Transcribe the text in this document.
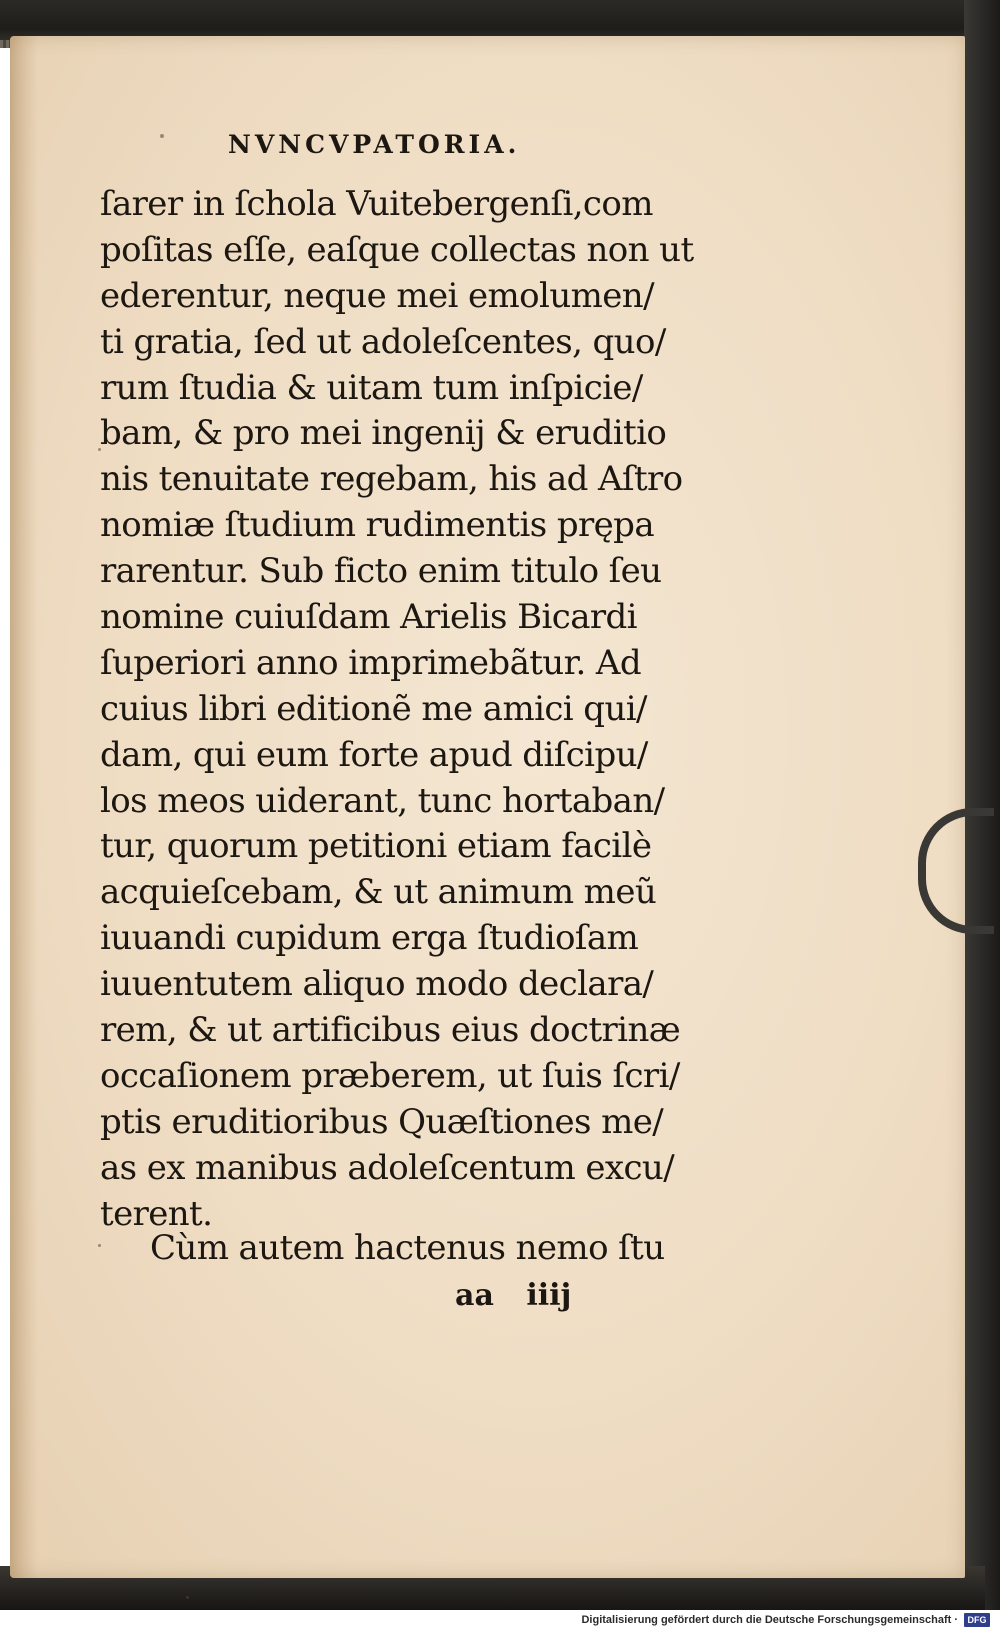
NVNCVPATORIA.
ſarer in ſchola Vuitebergenſi,com
poſitas eſſe, eaſque collectas non ut
ederentur, neque mei emolumen/
ti gratia, ſed ut adoleſcentes, quo/
rum ſtudia & uitam tum inſpicie/
bam, & pro mei ingenij & eruditio
nis tenuitate regebam, his ad Aſtro
nomiæ ſtudium rudimentis prępa
rarentur. Sub ficto enim titulo ſeu
nomine cuiuſdam Arielis Bicardi
ſuperiori anno imprimebãtur. Ad
cuius libri editionẽ me amici qui/
dam, qui eum forte apud diſcipu/
los meos uiderant, tunc hortaban/
tur, quorum petitioni etiam facilè
acquieſcebam, & ut animum meũ
iuuandi cupidum erga ſtudioſam
iuuentutem aliquo modo declara/
rem, & ut artificibus eius doctrinæ
occaſionem præberem, ut ſuis ſcri/
ptis eruditioribus Quæſtiones me/
as ex manibus adoleſcentum excu/
terent.
Cùm autem hactenus nemo ſtu
aa iiij
Digitalisierung gefördert durch die Deutsche Forschungsgemeinschaft ·	DFG
